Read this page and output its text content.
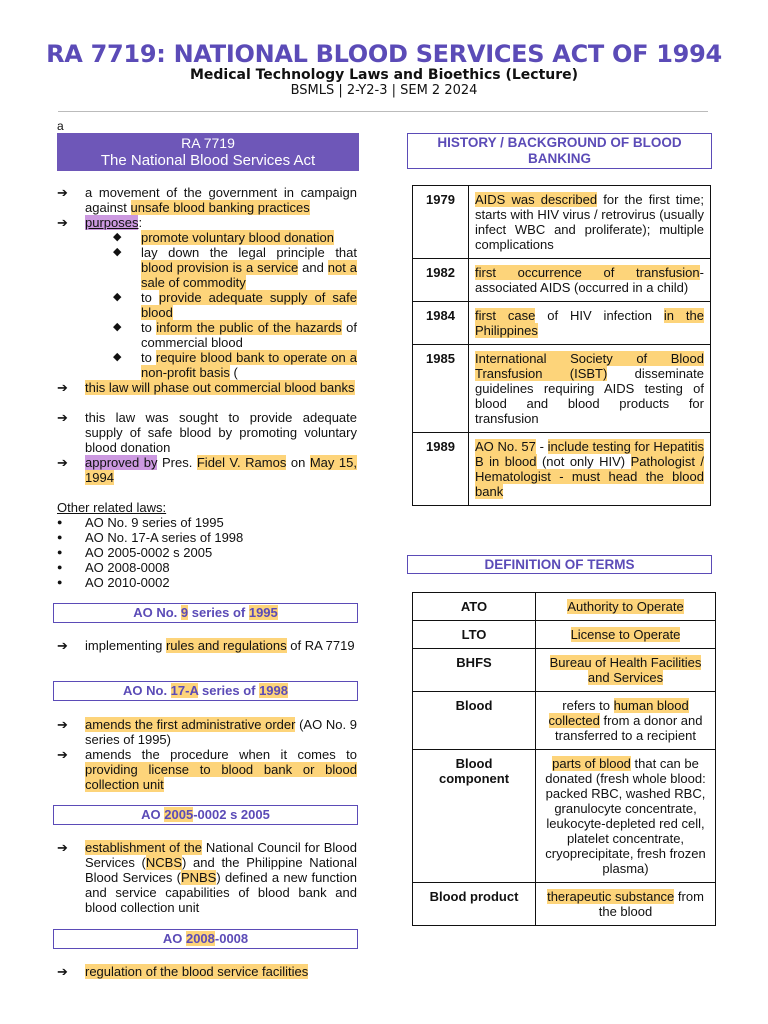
RA 7719: NATIONAL BLOOD SERVICES ACT OF 1994
Medical Technology Laws and Bioethics (Lecture)
BSMLS | 2-Y2-3 | SEM 2 2024
a
RA 7719
The National Blood Services Act
➔ a movement of the government in campaign against unsafe blood banking practices
➔ purposes:
◆ promote voluntary blood donation
◆ lay down the legal principle that blood provision is a service and not a sale of commodity
◆ to provide adequate supply of safe blood
◆ to inform the public of the hazards of commercial blood
◆ to require blood bank to operate on a non-profit basis (
➔ this law will phase out commercial blood banks
➔ this law was sought to provide adequate supply of safe blood by promoting voluntary blood donation
➔ approved by Pres. Fidel V. Ramos on May 15, 1994
Other related laws:
● AO No. 9 series of 1995
● AO No. 17-A series of 1998
● AO 2005-0002 s 2005
● AO 2008-0008
● AO 2010-0002
AO No. 9 series of 1995
➔ implementing rules and regulations of RA 7719
AO No. 17-A series of 1998
➔ amends the first administrative order (AO No. 9 series of 1995)
➔ amends the procedure when it comes to providing license to blood bank or blood collection unit
AO 2005-0002 s 2005
➔ establishment of the National Council for Blood Services (NCBS) and the Philippine National Blood Services (PNBS) defined a new function and service capabilities of blood bank and blood collection unit
AO 2008-0008
➔ regulation of the blood service facilities
HISTORY / BACKGROUND OF BLOOD BANKING
1979	AIDS was described for the first time; starts with HIV virus / retrovirus (usually infect WBC and proliferate); multiple complications
1982	first occurrence of transfusion-associated AIDS (occurred in a child)
1984	first case of HIV infection in the Philippines
1985	International Society of Blood Transfusion (ISBT) disseminate guidelines requiring AIDS testing of blood and blood products for transfusion
1989	AO No. 57 - include testing for Hepatitis B in blood (not only HIV) Pathologist / Hematologist - must head the blood bank
DEFINITION OF TERMS
ATO	Authority to Operate
LTO	License to Operate
BHFS	Bureau of Health Facilities and Services
Blood	refers to human blood collected from a donor and transferred to a recipient
Blood component	parts of blood that can be donated (fresh whole blood: packed RBC, washed RBC, granulocyte concentrate, leukocyte-depleted red cell, platelet concentrate, cryoprecipitate, fresh frozen plasma)
Blood product	therapeutic substance from the blood
